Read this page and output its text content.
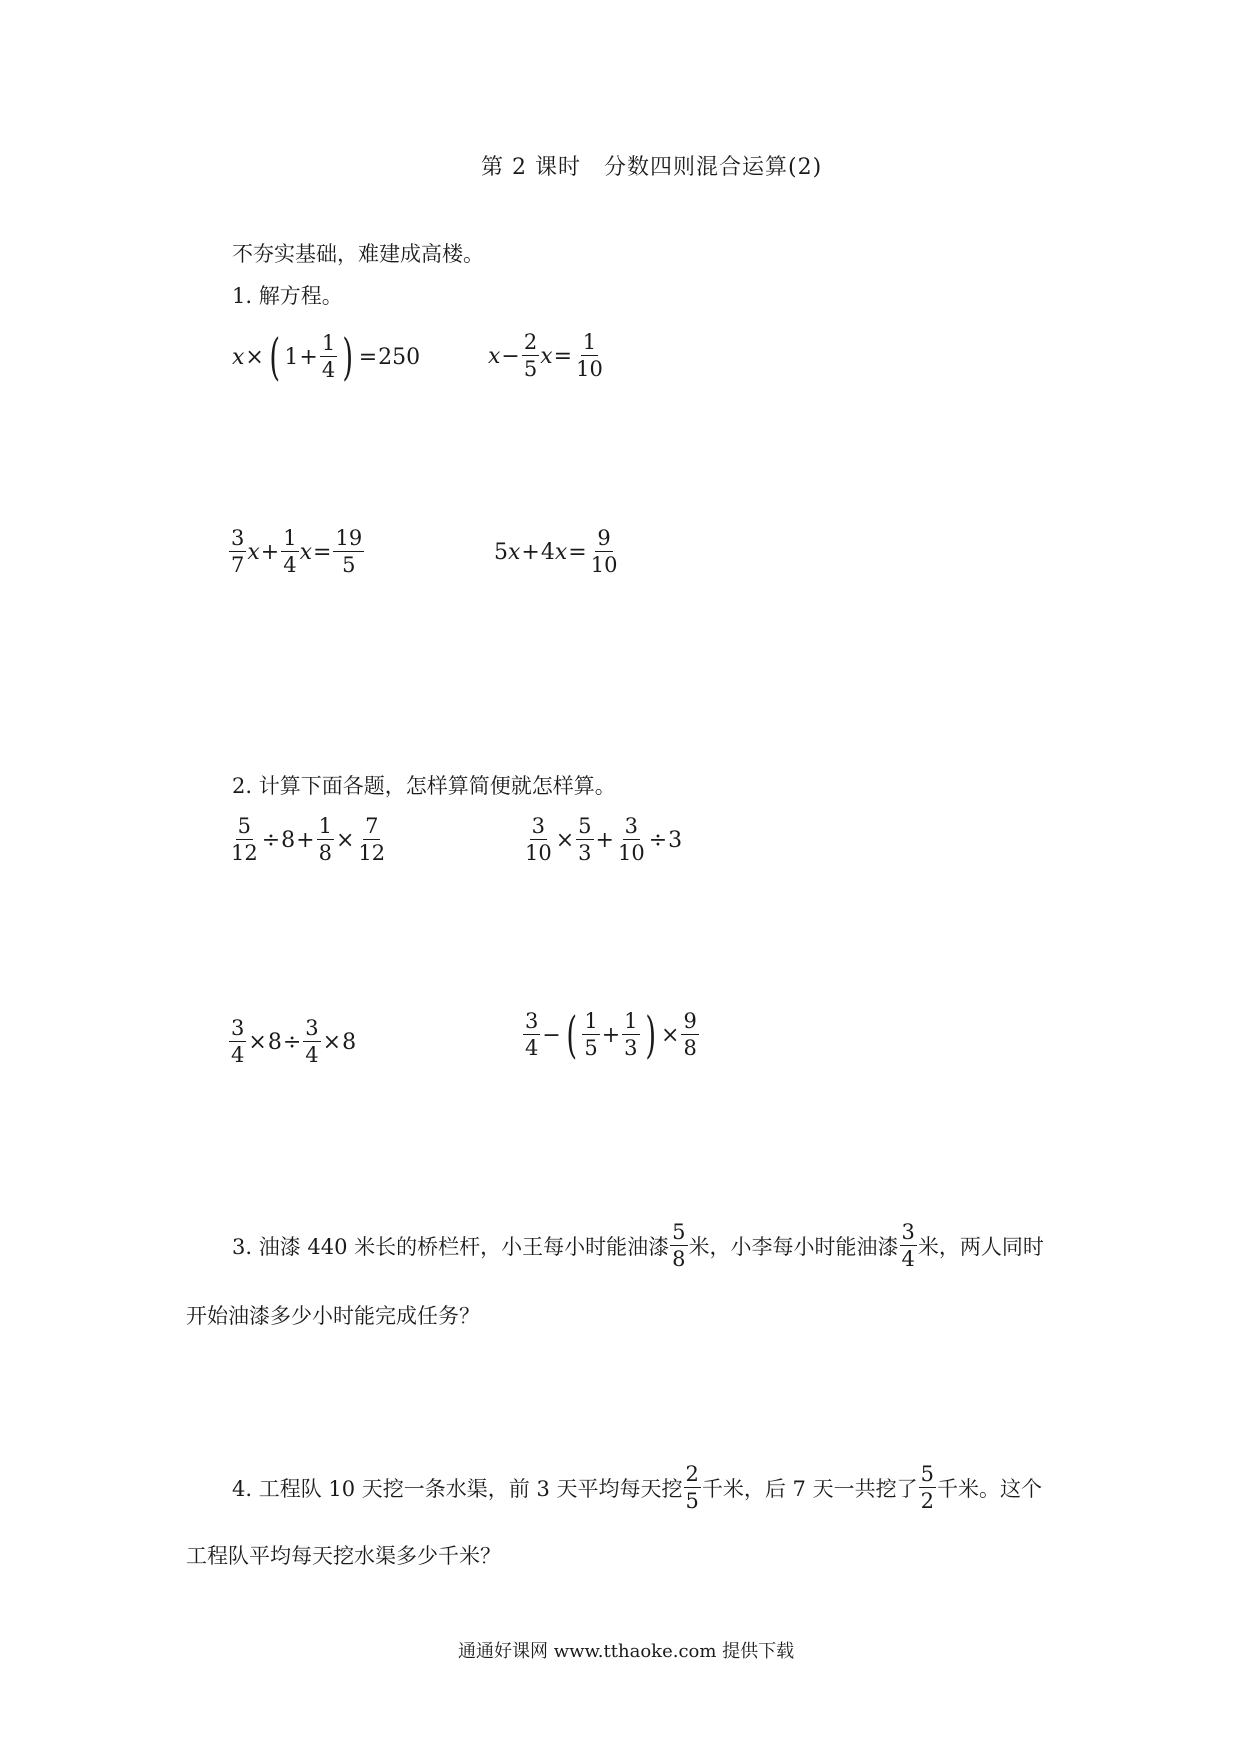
第 2 课时　分数四则混合运算(2)
不夯实基础，难建成高楼。
1. 解方程。
x × ( $1 + \frac{1}{4}$ ) = 250	$x - \frac{2}{5}$ $x = \frac{1}{10}$
$\frac{3}{7}$ $x + \frac{1}{4}$ $x = \frac{19}{5}$	5 x + 4 $x = \frac{9}{10}$
2. 计算下面各题，怎样算简便就怎样算。
$\frac{5}{12} \div 8 + \frac{1}{8} \times \frac{7}{12}$	$\frac{3}{10} \times \frac{5}{3} + \frac{3}{10} \div 3$
$\frac{3}{4} \times 8 \div \frac{3}{4} \times 8$	$\frac{3}{4}$ − ( $\frac{1}{5} + \frac{1}{3}$ ) × $\frac{9}{8}$
3. 油漆 440 米长的桥栏杆，小王每小时能油漆 $\frac{5}{8}$ 米，小李每小时能油漆 $\frac{3}{4}$ 米，两人同时
开始油漆多少小时能完成任务？
4. 工程队 10 天挖一条水渠，前 3 天平均每天挖 $\frac{2}{5}$ 千米，后 7 天一共挖了 $\frac{5}{2}$ 千米。这个
工程队平均每天挖水渠多少千米？
通通好课网 www.tthaoke.com 提供下载
